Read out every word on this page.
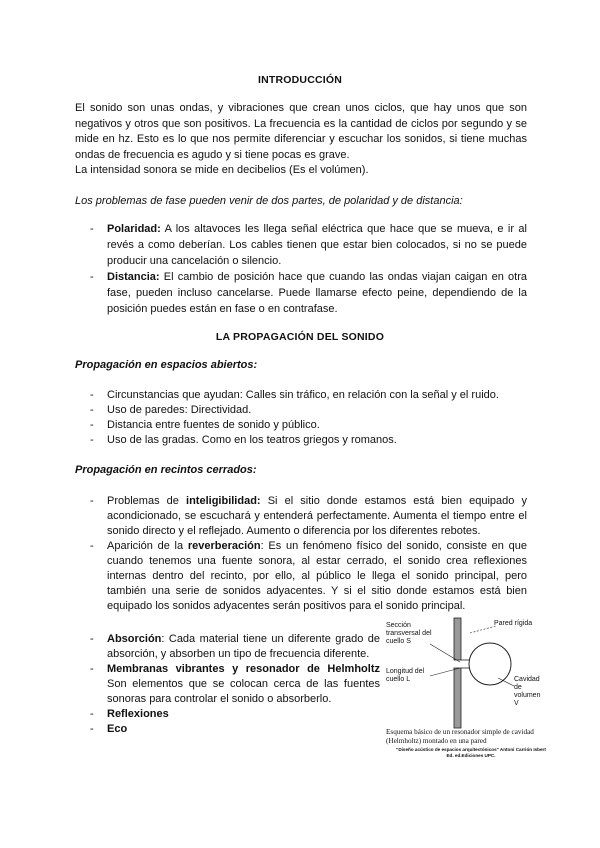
INTRODUCCIÓN
El sonido son unas ondas, y vibraciones que crean unos ciclos, que hay unos que son negativos y otros que son positivos. La frecuencia es la cantidad de ciclos por segundo y se mide en hz. Esto es lo que nos permite diferenciar y escuchar los sonidos, si tiene muchas ondas de frecuencia es agudo y si tiene pocas es grave.
La intensidad sonora se mide en decibelios (Es el volúmen).
Los problemas de fase pueden venir de dos partes, de polaridad y de distancia:
- Polaridad: A los altavoces les llega señal eléctrica que hace que se mueva, e ir al revés a como deberían. Los cables tienen que estar bien colocados, si no se puede producir una cancelación o silencio.
- Distancia: El cambio de posición hace que cuando las ondas viajan caigan en otra fase, pueden incluso cancelarse. Puede llamarse efecto peine, dependiendo de la posición puedes están en fase o en contrafase.
LA PROPAGACIÓN DEL SONIDO
Propagación en espacios abiertos:
- Circunstancias que ayudan: Calles sin tráfico, en relación con la señal y el ruido.
- Uso de paredes: Directividad.
- Distancia entre fuentes de sonido y público.
- Uso de las gradas. Como en los teatros griegos y romanos.
Propagación en recintos cerrados:
- Problemas de inteligibilidad: Si el sitio donde estamos está bien equipado y acondicionado, se escuchará y entenderá perfectamente. Aumenta el tiempo entre el sonido directo y el reflejado. Aumento o diferencia por los diferentes rebotes.
- Aparición de la reverberación: Es un fenómeno físico del sonido, consiste en que cuando tenemos una fuente sonora, al estar cerrado, el sonido crea reflexiones internas dentro del recinto, por ello, al público le llega el sonido principal, pero también una serie de sonidos adyacentes. Y si el sitio donde estamos está bien equipado los sonidos adyacentes serán positivos para el sonido principal.
- Absorción: Cada material tiene un diferente grado de absorción, y absorben un tipo de frecuencia diferente.
- Membranas vibrantes y resonador de Helmholtz Son elementos que se colocan cerca de las fuentes sonoras para controlar el sonido o absorberlo.
- Reflexiones
- Eco
Sección transversal del cuello S
Pared rígida
Longitud del cuello L	Cavidad de volumen V
Esquema básico de un resonador simple de cavidad (Helmholtz) montado en una pared
"Diseño acústico de espacios arquitectónicos" Antoni Carrión Isbert Ed. ed.Ediciones UPC.
